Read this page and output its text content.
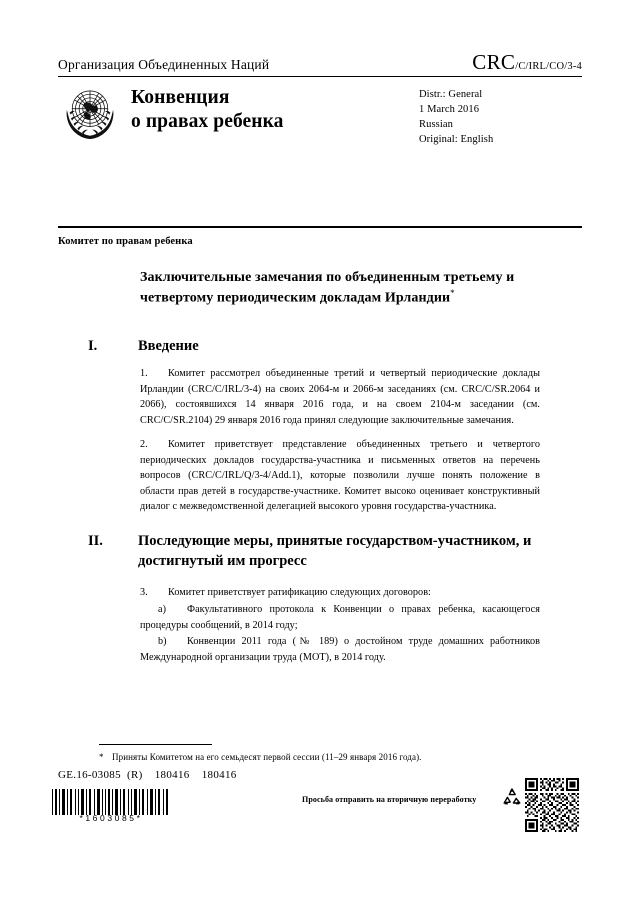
Организация Объединенных Наций	CRC/C/IRL/CO/3-4
Конвенция
о правах ребенка
Distr.: General
1 March 2016
Russian
Original: English
Комитет по правам ребенка
Заключительные замечания по объединенным третьему и четвертому периодическим докладам Ирландии*
I.	Введение
1. Комитет рассмотрел объединенные третий и четвертый периодические доклады Ирландии (CRC/C/IRL/3-4) на своих 2064-м и 2066-м заседаниях (см. CRC/C/SR.2064 и 2066), состоявшихся 14 января 2016 года, и на своем 2104-м заседании (см. CRC/C/SR.2104) 29 января 2016 года принял следующие заключительные замечания.
2. Комитет приветствует представление объединенных третьего и четвертого периодических докладов государства-участника и письменных ответов на перечень вопросов (CRC/C/IRL/Q/3-4/Add.1), которые позволили лучше понять положение в области прав детей в государстве-участнике. Комитет высоко оценивает конструктивный диалог с межведомственной делегацией высокого уровня государства-участника.
II.	Последующие меры, принятые государством-участником, и достигнутый им прогресс
3. Комитет приветствует ратификацию следующих договоров:
a) Факультативного протокола к Конвенции о правах ребенка, касающегося процедуры сообщений, в 2014 году;
b) Конвенции 2011 года (№ 189) о достойном труде домашних работников Международной организации труда (МОТ), в 2014 году.
* Приняты Комитетом на его семьдесят первой сессии (11–29 января 2016 года).
GE.16-03085  (R)    180416    180416
*1603085*
Просьба отправить на вторичную переработку
